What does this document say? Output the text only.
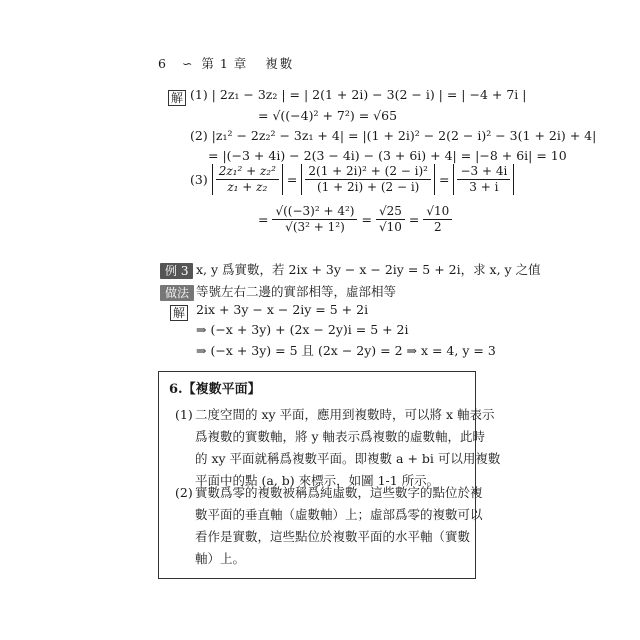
6 ∽ 第 1 章 複數
解 (1) | 2z₁ − 3z₂ | = | 2(1 + 2i) − 3(2 − i) | = | −4 + 7i |
= √((−4)² + 7²) = √65
(2) |z₁² − 2z₂² − 3z₁ + 4| = |(1 + 2i)² − 2(2 − i)² − 3(1 + 2i) + 4|
= |(−3 + 4i) − 2(3 − 4i) − (3 + 6i) + 4| = |−8 + 6i| = 10
$(3) \frac{\text{2z₁² + z₂²}}{\text{z₁ + z₂}} = \frac{\text{2(1 + 2i)² + (2 − i)²}}{(1 + 2i) + (2 - i)} = \frac{-3 + 4i}{3 + i}$
= $\frac{\text{√((−3)² + 4²)}}{\text{√(3² + 1²)}} = \frac{√25}{√10} = \frac{√10}{2}$
例 3 x, y 爲實數，若 2ix + 3y − x − 2iy = 5 + 2i，求 x, y 之值
做法 等號左右二邊的實部相等，虛部相等
解 2ix + 3y − x − 2iy = 5 + 2i
⇒ (−x + 3y) + (2x − 2y)i = 5 + 2i
⇒ (−x + 3y) = 5 且 (2x − 2y) = 2 ⇒ x = 4, y = 3
6.【複數平面】
(1) 二度空間的 xy 平面，應用到複數時，可以將 x 軸表示
爲複數的實數軸，將 y 軸表示爲複數的虛數軸，此時
的 xy 平面就稱爲複數平面。即複數 a + bi 可以用複數
平面中的點 (a, b) 來標示，如圖 1-1 所示。
(2) 實數爲零的複數被稱爲純虛數，這些數字的點位於複
數平面的垂直軸（虛數軸）上；虛部爲零的複數可以
看作是實數，這些點位於複數平面的水平軸（實數
軸）上。
